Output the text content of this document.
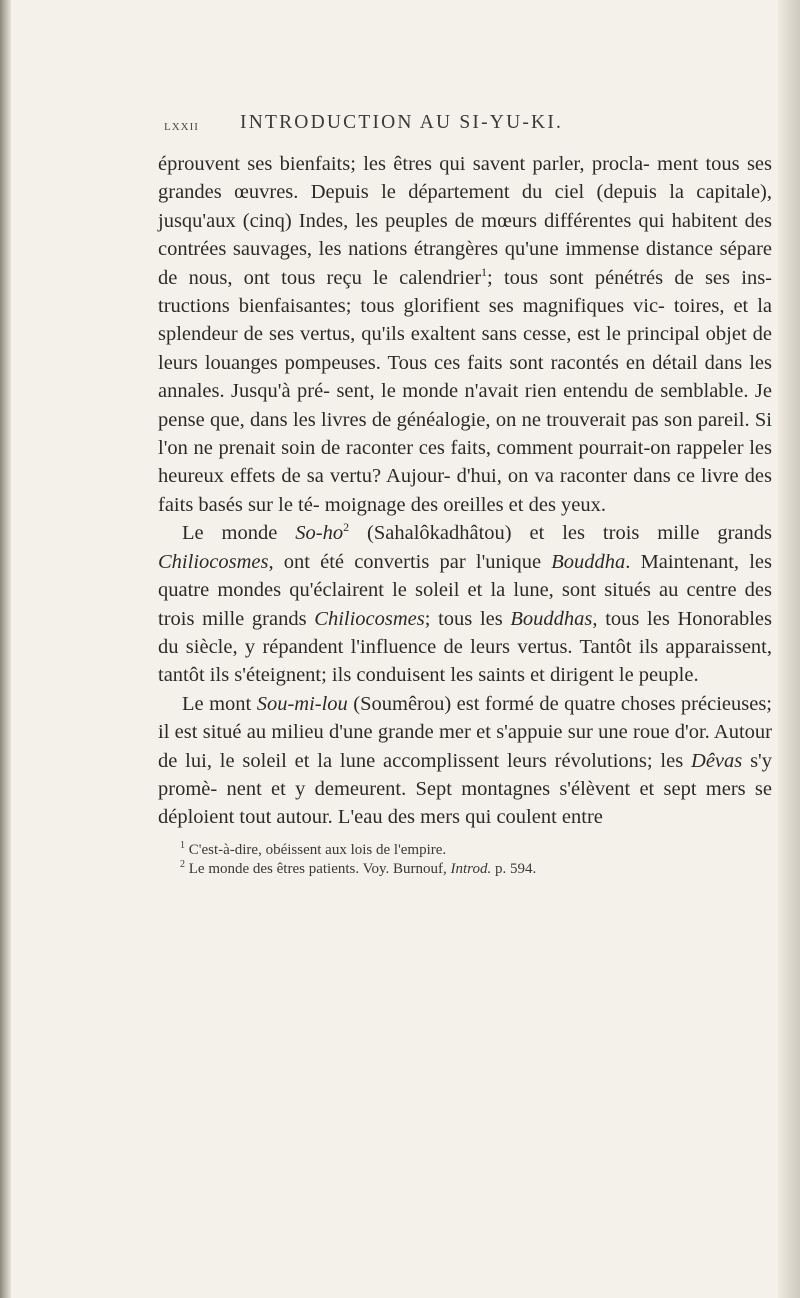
LXXII INTRODUCTION AU SI-YU-KI.

éprouvent ses bienfaits; les êtres qui savent parler, procla- ment tous ses grandes œuvres. Depuis le département du ciel (depuis la capitale), jusqu'aux (cinq) Indes, les peuples de mœurs différentes qui habitent des contrées sauvages, les nations étrangères qu'une immense distance sépare de nous, ont tous reçu le calendrier$^1$; tous sont pénétrés de ses ins- tructions bienfaisantes; tous glorifient ses magnifiques vic- toires, et la splendeur de ses vertus, qu'ils exaltent sans cesse, est le principal objet de leurs louanges pompeuses. Tous ces faits sont racontés en détail dans les annales. Jusqu'à pré- sent, le monde n'avait rien entendu de semblable. Je pense que, dans les livres de généalogie, on ne trouverait pas son pareil. Si l'on ne prenait soin de raconter ces faits, comment pourrait-on rappeler les heureux effets de sa vertu? Aujour- d'hui, on va raconter dans ce livre des faits basés sur le té- moignage des oreilles et des yeux.

Le monde $So-ho^2$ (Sahalôkadhâtou) et les trois mille grands Chiliocosmes, ont été convertis par l'unique Bouddha. Maintenant, les quatre mondes qu'éclairent le soleil et la lune, sont situés au centre des trois mille grands Chiliocosmes; tous les Bouddhas, tous les Honorables du siècle, y répandent l'influence de leurs vertus. Tantôt ils apparaissent, tantôt ils s'éteignent; ils conduisent les saints et dirigent le peuple.

Le mont Sou-mi-lou (Soumêrou) est formé de quatre choses précieuses; il est situé au milieu d'une grande mer et s'appuie sur une roue d'or. Autour de lui, le soleil et la lune accomplissent leurs révolutions; les Dêvas s'y promè- nent et y demeurent. Sept montagnes s'élèvent et sept mers se déploient tout autour. L'eau des mers qui coulent entre

$^1$ C'est-à-dire, obéissent aux lois de l'empire.
$^2$ Le monde des êtres patients. Voy. Burnouf, Introd. p. 594.
